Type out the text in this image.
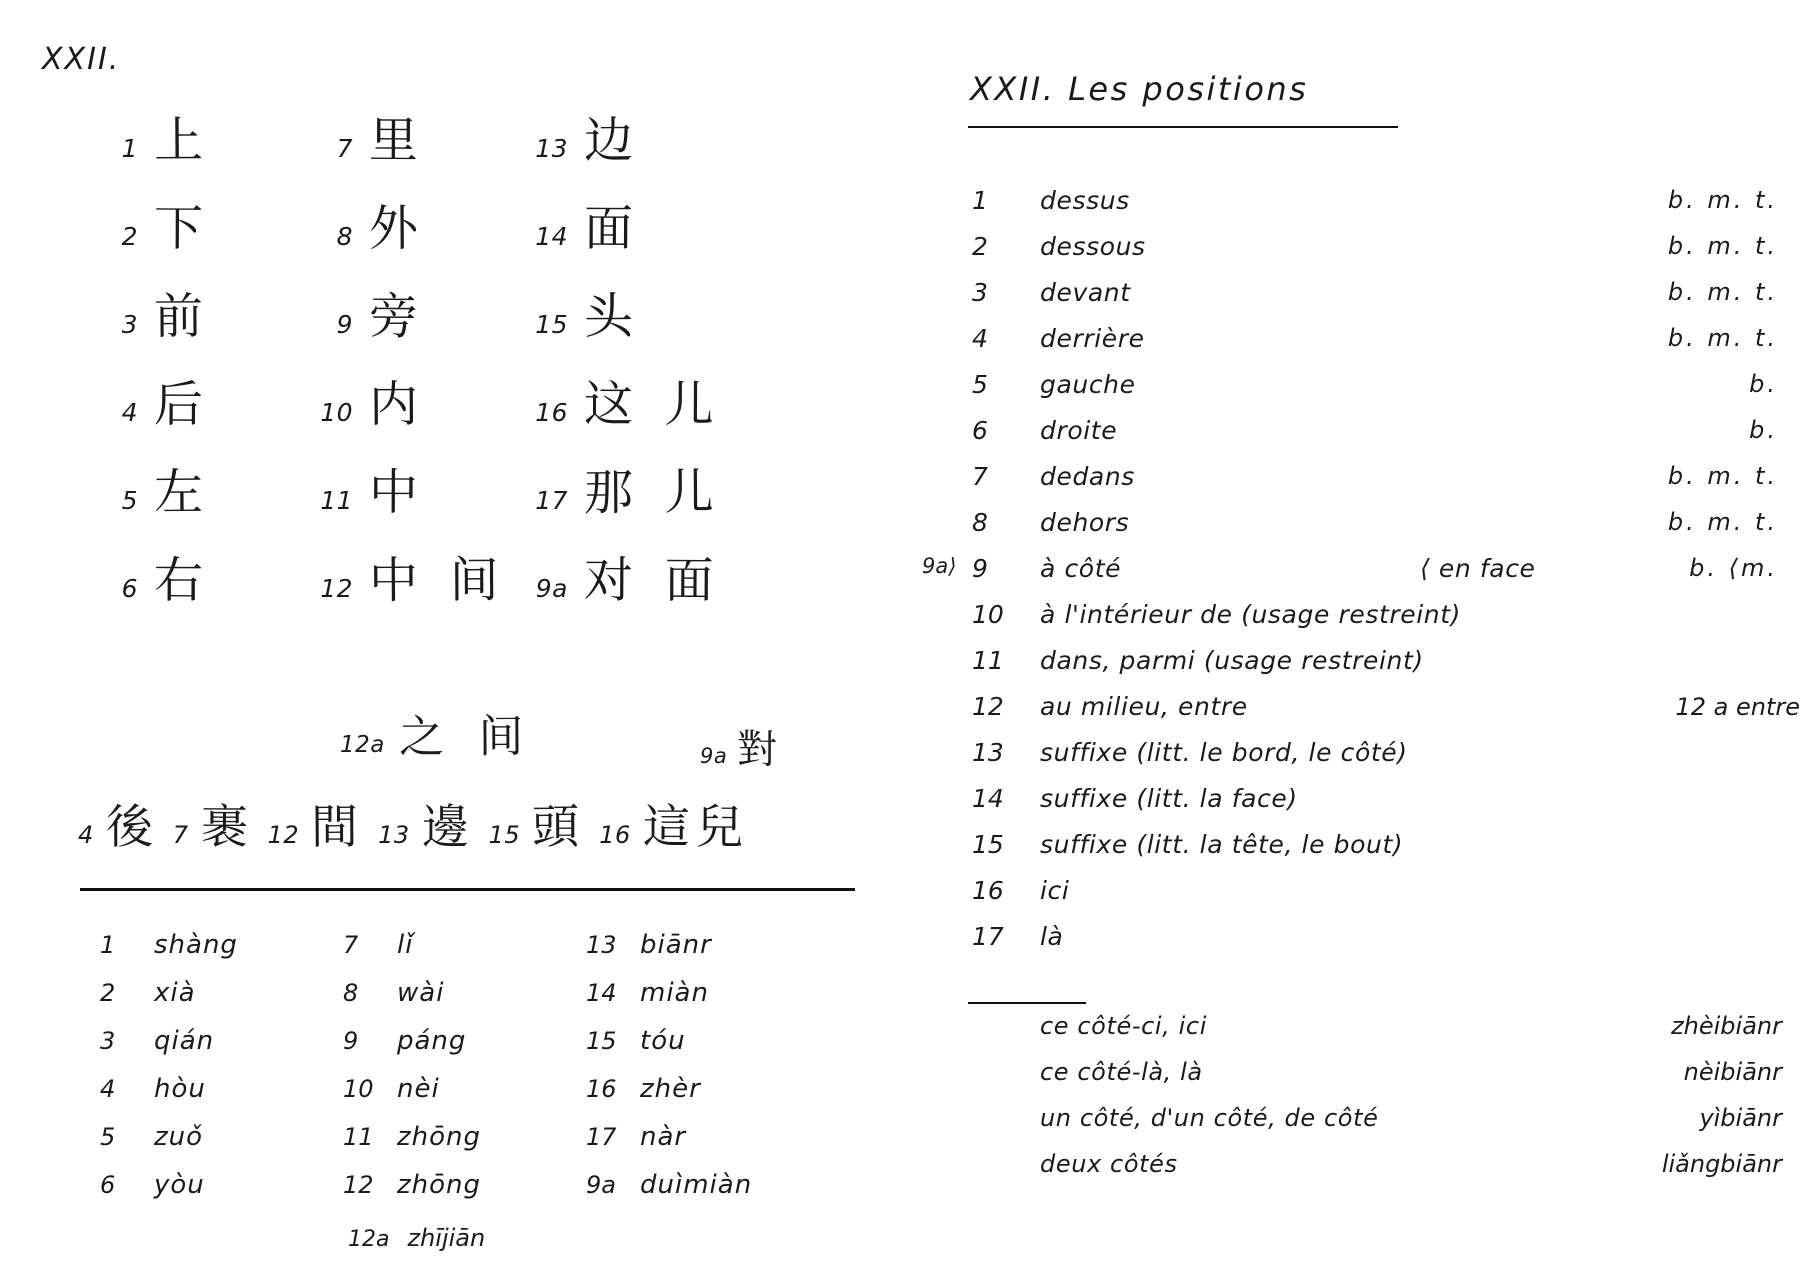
XXII.
1 上	7 里	13 边
2 下	8 外	14 面
3 前	9 旁	15 头
4 后	10 内	16 这 儿
5 左	11 中	17 那 儿
6 右	12 中 间	9a 对 面
12a 之 间	9a 對
4 後 7 裹 12 間 13 邊 15 頭 16 這兒
1	shàng	7	lǐ	13 biānr
2	xià	8	wài	14 miàn
3	qián	9	páng	15 tóu
4	hòu	10 nèi	16 zhèr
5	zuǒ	11 zhōng	17 nàr
6	yòu	12 zhōng	9a duìmiàn
12a zhījiān
XXII. Les positions
1	dessus	b. m. t.
2	dessous	b. m. t.
3	devant	b. m. t.
4	derrière	b. m. t.
5	gauche	b.
6	droite	b.
7	dedans	b. m. t.
8	dehors	b. m. t.
9a⟩ 9	à côté	⟨ en face	b. ⟨m.
10	à l'intérieur de (usage restreint)
11	dans, parmi (usage restreint)
12	au milieu, entre	12 a entre
13	suffixe (litt. le bord, le côté)
14	suffixe (litt. la face)
15	suffixe (litt. la tête, le bout)
16	ici
17	là
ce côté-ci, ici	zhèibiānr
ce côté-là, là	nèibiānr
un côté, d'un côté, de côté	yìbiānr
deux côtés	liǎngbiānr
